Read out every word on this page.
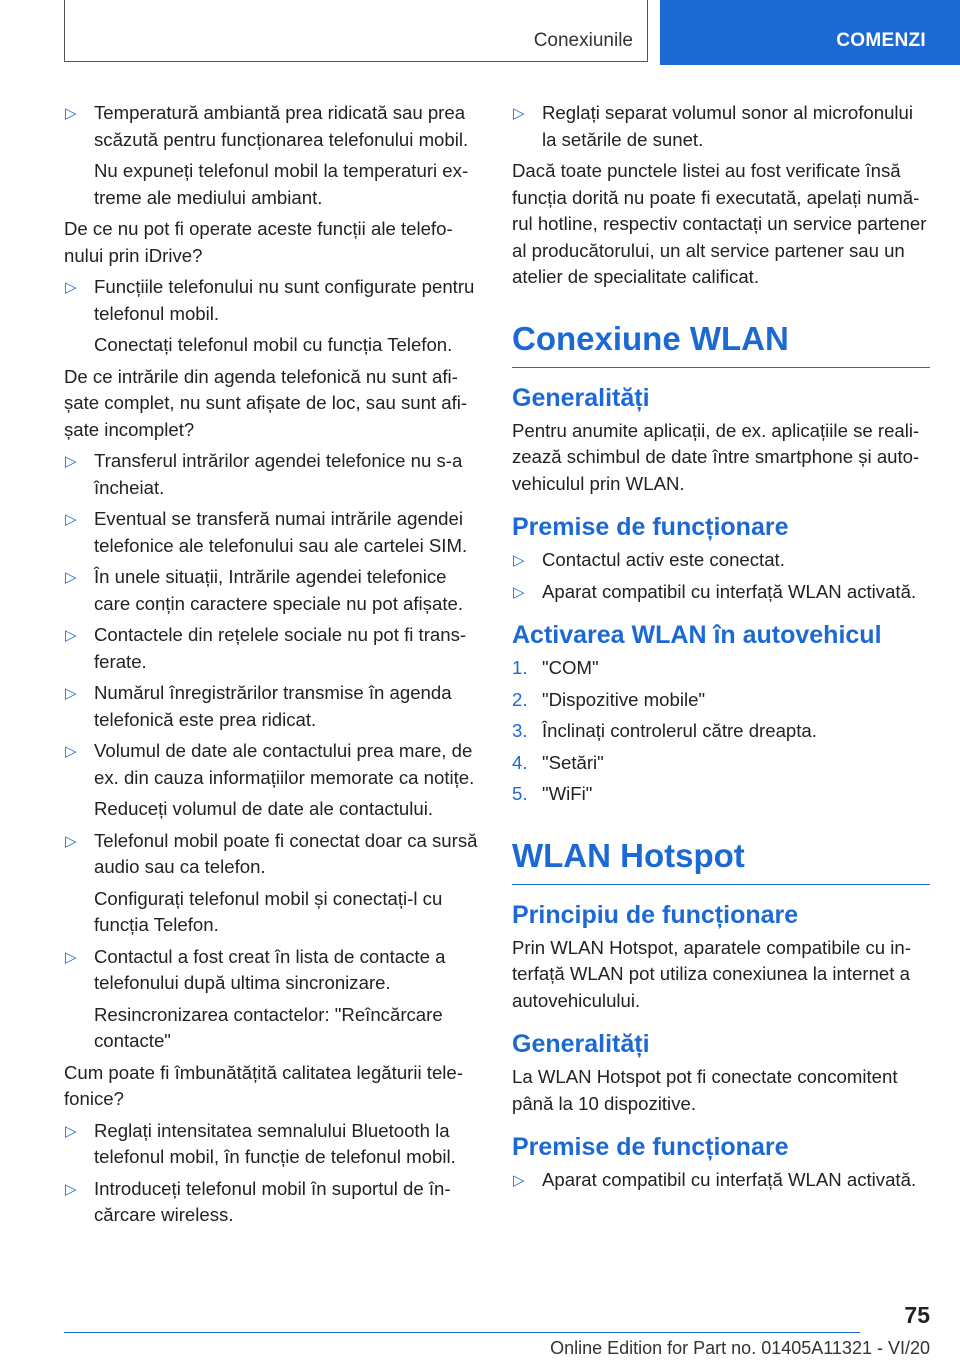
Conexiunile	COMENZI
▷ Temperatură ambiantă prea ridicată sau prea scăzută pentru funcționarea telefonului mobil.
Nu expuneți telefonul mobil la temperaturi extreme ale mediului ambiant.
De ce nu pot fi operate aceste funcții ale telefonului prin iDrive?
▷ Funcțiile telefonului nu sunt configurate pentru telefonul mobil.
Conectați telefonul mobil cu funcția Telefon.
De ce intrările din agenda telefonică nu sunt afișate complet, nu sunt afișate de loc, sau sunt afișate incomplet?
▷ Transferul intrărilor agendei telefonice nu s-a încheiat.
▷ Eventual se transferă numai intrările agendei telefonice ale telefonului sau ale cartelei SIM.
▷ În unele situații, Intrările agendei telefonice care conțin caractere speciale nu pot afișate.
▷ Contactele din rețelele sociale nu pot fi transferate.
▷ Numărul înregistrărilor transmise în agenda telefonică este prea ridicat.
▷ Volumul de date ale contactului prea mare, de ex. din cauza informațiilor memorate ca notițe.
Reduceți volumul de date ale contactului.
▷ Telefonul mobil poate fi conectat doar ca sursă audio sau ca telefon.
Configurați telefonul mobil și conectați-l cu funcția Telefon.
▷ Contactul a fost creat în lista de contacte a telefonului după ultima sincronizare.
Resincronizarea contactelor: "Reîncărcare contacte"
Cum poate fi îmbunătățită calitatea legăturii telefonice?
▷ Reglați intensitatea semnalului Bluetooth la telefonul mobil, în funcție de telefonul mobil.
▷ Introduceți telefonul mobil în suportul de încărcare wireless.
▷ Reglați separat volumul sonor al microfonului la setările de sunet.
Dacă toate punctele listei au fost verificate însă funcția dorită nu poate fi executată, apelați numărul hotline, respectiv contactați un service partener al producătorului, un alt service partener sau un atelier de specialitate calificat.
Conexiune WLAN
Generalități
Pentru anumite aplicații, de ex. aplicațiile se realizează schimbul de date între smartphone și autovehiculul prin WLAN.
Premise de funcționare
▷ Contactul activ este conectat.
▷ Aparat compatibil cu interfață WLAN activată.
Activarea WLAN în autovehicul
1. "COM"
2. "Dispozitive mobile"
3. Înclinați controlerul către dreapta.
4. "Setări"
5. "WiFi"
WLAN Hotspot
Principiu de funcționare
Prin WLAN Hotspot, aparatele compatibile cu interfață WLAN pot utiliza conexiunea la internet a autovehiculului.
Generalități
La WLAN Hotspot pot fi conectate concomitent până la 10 dispozitive.
Premise de funcționare
▷ Aparat compatibil cu interfață WLAN activată.
75
Online Edition for Part no. 01405A11321 - VI/20
